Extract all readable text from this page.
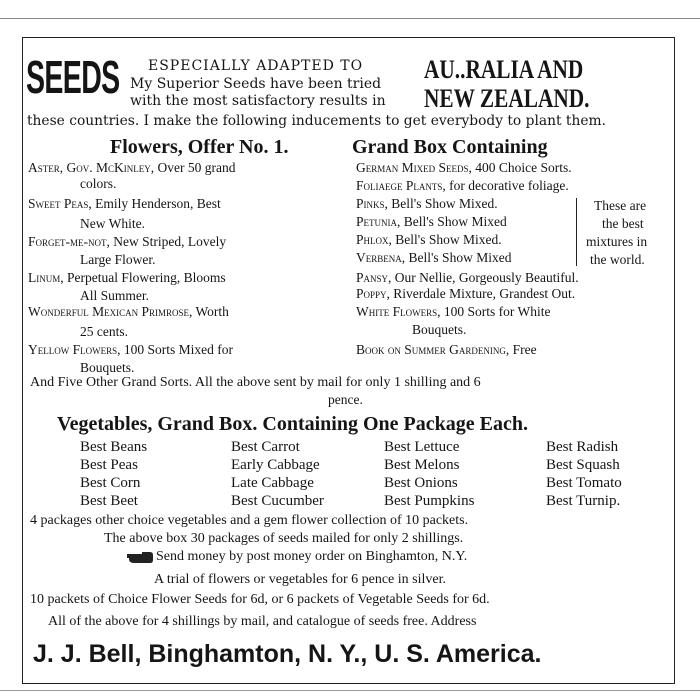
SEEDS ESPECIALLY ADAPTED TO
My Superior Seeds have been tried
with the most satisfactory results in
AU..RALIA AND
NEW ZEALAND.
these countries. I make the following inducements to get everybody to plant them.
Flowers, Offer No. 1.	Grand Box Containing
Aster, Gov. McKinley, Over 50 grand
colors.
Sweet Peas, Emily Henderson, Best
New White.
Forget-me-not, New Striped, Lovely
Large Flower.
Linum, Perpetual Flowering, Blooms
All Summer.
Wonderful Mexican Primrose, Worth
25 cents.
Yellow Flowers, 100 Sorts Mixed for
Bouquets.
German Mixed Seeds, 400 Choice Sorts.
Foliaege Plants, for decorative foliage.
Pinks, Bell's Show Mixed.
Petunia, Bell's Show Mixed
Phlox, Bell's Show Mixed.
Verbena, Bell's Show Mixed
Pansy, Our Nellie, Gorgeously Beautiful.
Poppy, Riverdale Mixture, Grandest Out.
White Flowers, 100 Sorts for White
Bouquets.
Book on Summer Gardening, Free
These are
the best
mixtures in
the world.
And Five Other Grand Sorts. All the above sent by mail for only 1 shilling and 6
pence.
Vegetables, Grand Box. Containing One Package Each.
Best Beans
Best Peas
Best Corn
Best Beet
Best Carrot
Early Cabbage
Late Cabbage
Best Cucumber
Best Lettuce
Best Melons
Best Onions
Best Pumpkins
Best Radish
Best Squash
Best Tomato
Best Turnip.
4 packages other choice vegetables and a gem flower collection of 10 packets.
The above box 30 packages of seeds mailed for only 2 shillings.
Send money by post money order on Binghamton, N.Y.
A trial of flowers or vegetables for 6 pence in silver.
10 packets of Choice Flower Seeds for 6d, or 6 packets of Vegetable Seeds for 6d.
All of the above for 4 shillings by mail, and catalogue of seeds free. Address
J. J. Bell, Binghamton, N. Y., U. S. America.
